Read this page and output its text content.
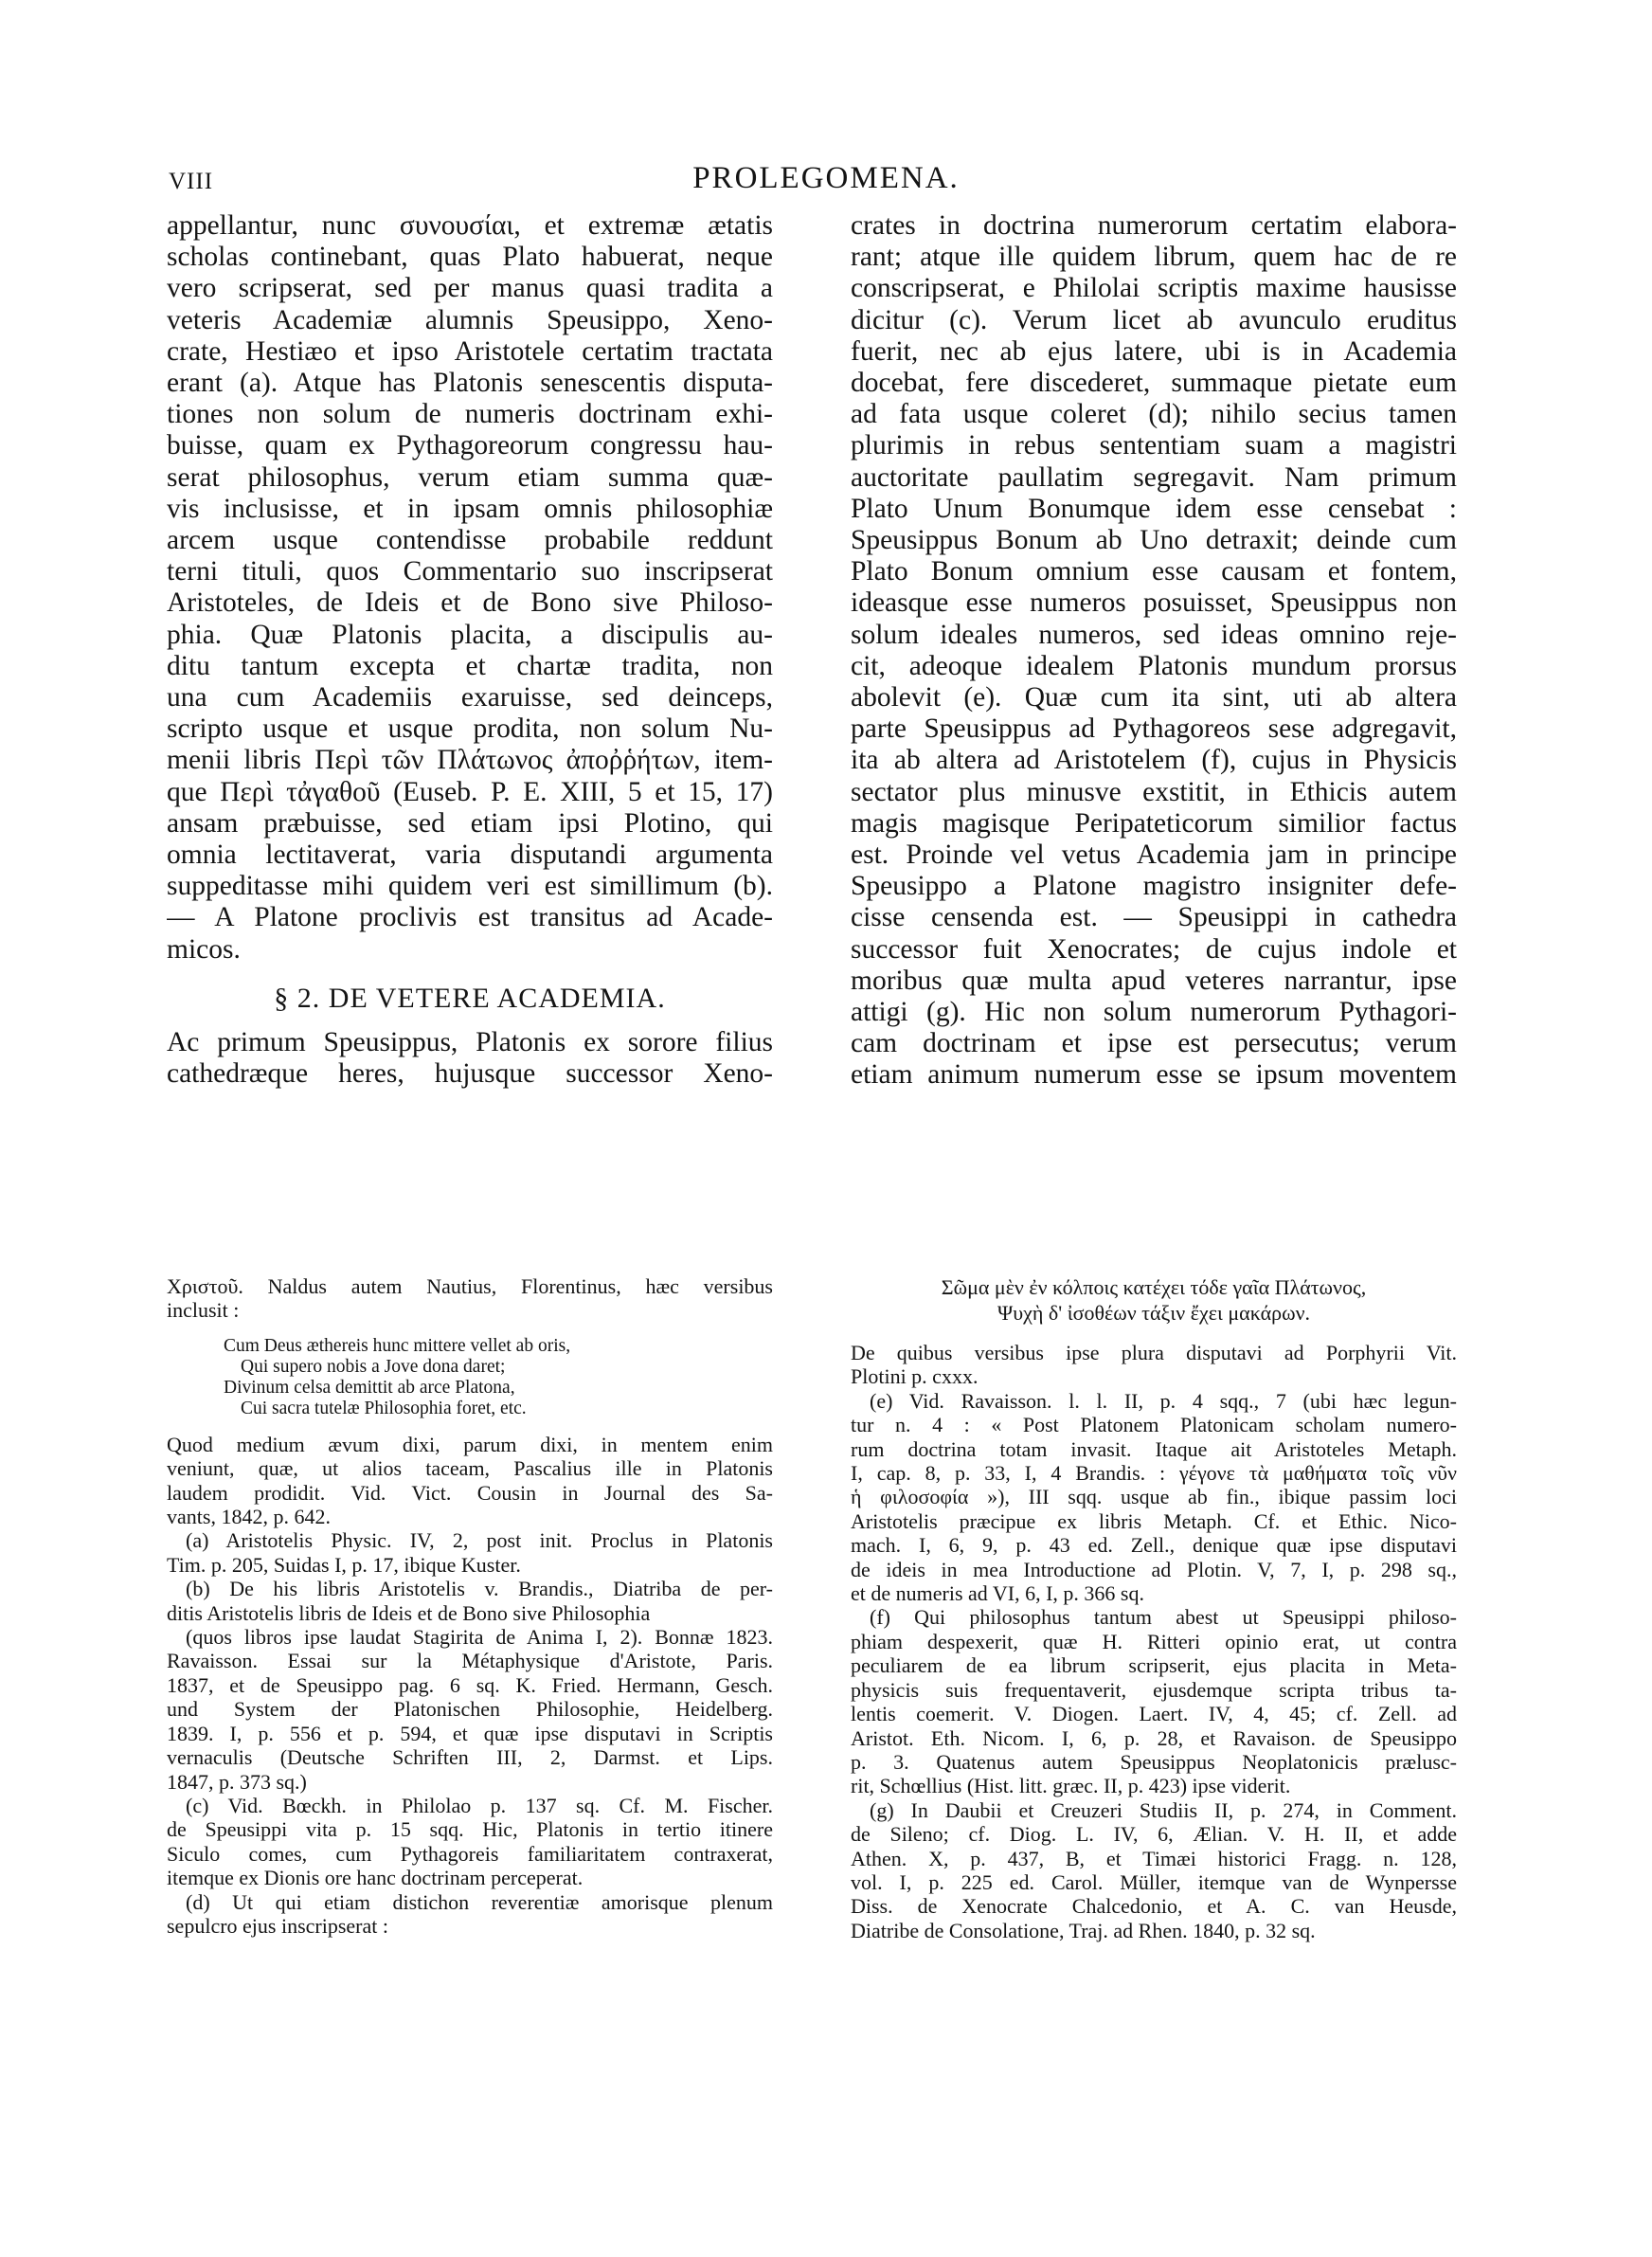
VIII	PROLEGOMENA.

appellantur, nunc συνουσίαι, et extremæ ætatis

scholas continebant, quas Plato habuerat, neque

vero scripserat, sed per manus quasi tradita a

veteris Academiæ alumnis Speusippo, Xeno-

crate, Hestiæo et ipso Aristotele certatim tractata

erant (a). Atque has Platonis senescentis disputa-

tiones non solum de numeris doctrinam exhi-

buisse, quam ex Pythagoreorum congressu hau-

serat philosophus, verum etiam summa quæ-

vis inclusisse, et in ipsam omnis philosophiæ

arcem usque contendisse probabile reddunt

terni tituli, quos Commentario suo inscripserat

Aristoteles, de Ideis et de Bono sive Philoso-

phia. Quæ Platonis placita, a discipulis au-

ditu tantum excepta et chartæ tradita, non

una cum Academiis exaruisse, sed deinceps,

scripto usque et usque prodita, non solum Nu-

menii libris Περὶ τῶν Πλάτωνος ἀποῤῥήτων, item-

que Περὶ τἀγαθοῦ (Euseb. P. E. XIII, 5 et 15, 17)

ansam præbuisse, sed etiam ipsi Plotino, qui

omnia lectitaverat, varia disputandi argumenta

suppeditasse mihi quidem veri est simillimum (b).

— A Platone proclivis est transitus ad Acade-

micos.

§ 2. DE VETERE ACADEMIA.

Ac primum Speusippus, Platonis ex sorore filius

cathedræque heres, hujusque successor Xeno-

crates in doctrina numerorum certatim elabora-

rant; atque ille quidem librum, quem hac de re

conscripserat, e Philolai scriptis maxime hausisse

dicitur (c). Verum licet ab avunculo eruditus

fuerit, nec ab ejus latere, ubi is in Academia

docebat, fere discederet, summaque pietate eum

ad fata usque coleret (d); nihilo secius tamen

plurimis in rebus sententiam suam a magistri

auctoritate paullatim segregavit. Nam primum

Plato Unum Bonumque idem esse censebat :

Speusippus Bonum ab Uno detraxit; deinde cum

Plato Bonum omnium esse causam et fontem,

ideasque esse numeros posuisset, Speusippus non

solum ideales numeros, sed ideas omnino reje-

cit, adeoque idealem Platonis mundum prorsus

abolevit (e). Quæ cum ita sint, uti ab altera

parte Speusippus ad Pythagoreos sese adgregavit,

ita ab altera ad Aristotelem (f), cujus in Physicis

sectator plus minusve exstitit, in Ethicis autem

magis magisque Peripateticorum similior factus

est. Proinde vel vetus Academia jam in principe

Speusippo a Platone magistro insigniter defe-

cisse censenda est. — Speusippi in cathedra

successor fuit Xenocrates; de cujus indole et

moribus quæ multa apud veteres narrantur, ipse

attigi (g). Hic non solum numerorum Pythagori-

cam doctrinam et ipse est persecutus; verum

etiam animum numerum esse se ipsum moventem

Χριστοῦ. Naldus autem Nautius, Florentinus, hæc versibus

inclusit :

Cum Deus æthereis hunc mittere vellet ab oris,
Qui supero nobis a Jove dona daret;
Divinum celsa demittit ab arce Platona,
Cui sacra tutelæ Philosophia foret, etc.

Quod medium ævum dixi, parum dixi, in mentem enim

veniunt, quæ, ut alios taceam, Pascalius ille in Platonis

laudem prodidit. Vid. Vict. Cousin in Journal des Sa-

vants, 1842, p. 642.

(a) Aristotelis Physic. IV, 2, post init. Proclus in Platonis

Tim. p. 205, Suidas I, p. 17, ibique Kuster.

(b) De his libris Aristotelis v. Brandis., Diatriba de per-

ditis Aristotelis libris de Ideis et de Bono sive Philosophia

(quos libros ipse laudat Stagirita de Anima I, 2). Bonnæ 1823.

Ravaisson. Essai sur la Métaphysique d'Aristote, Paris.

1837, et de Speusippo pag. 6 sq. K. Fried. Hermann, Gesch.

und System der Platonischen Philosophie, Heidelberg.

1839. I, p. 556 et p. 594, et quæ ipse disputavi in Scriptis

vernaculis (Deutsche Schriften III, 2, Darmst. et Lips.

1847, p. 373 sq.)

(c) Vid. Bœckh. in Philolao p. 137 sq. Cf. M. Fischer.

de Speusippi vita p. 15 sqq. Hic, Platonis in tertio itinere

Siculo comes, cum Pythagoreis familiaritatem contraxerat,

itemque ex Dionis ore hanc doctrinam perceperat.

(d) Ut qui etiam distichon reverentiæ amorisque plenum

sepulcro ejus inscripserat :

Σῶμα μὲν ἐν κόλποις κατέχει τόδε γαῖα Πλάτωνος,
Ψυχὴ δ' ἰσοθέων τάξιν ἔχει μακάρων.

De quibus versibus ipse plura disputavi ad Porphyrii Vit.

Plotini p. cxxx.

(e) Vid. Ravaisson. l. l. II, p. 4 sqq., 7 (ubi hæc legun-

tur n. 4 : « Post Platonem Platonicam scholam numero-

rum doctrina totam invasit. Itaque ait Aristoteles Metaph.

I, cap. 8, p. 33, I, 4 Brandis. : γέγονε τὰ μαθήματα τοῖς νῦν

ἡ φιλοσοφία »), III sqq. usque ab fin., ibique passim loci

Aristotelis præcipue ex libris Metaph. Cf. et Ethic. Nico-

mach. I, 6, 9, p. 43 ed. Zell., denique quæ ipse disputavi

de ideis in mea Introductione ad Plotin. V, 7, I, p. 298 sq.,

et de numeris ad VI, 6, I, p. 366 sq.

(f) Qui philosophus tantum abest ut Speusippi philoso-

phiam despexerit, quæ H. Ritteri opinio erat, ut contra

peculiarem de ea librum scripserit, ejus placita in Meta-

physicis suis frequentaverit, ejusdemque scripta tribus ta-

lentis coemerit. V. Diogen. Laert. IV, 4, 45; cf. Zell. ad

Aristot. Eth. Nicom. I, 6, p. 28, et Ravaison. de Speusippo

p. 3. Quatenus autem Speusippus Neoplatonicis prælusc-

rit, Schœllius (Hist. litt. græc. II, p. 423) ipse viderit.

(g) In Daubii et Creuzeri Studiis II, p. 274, in Comment.

de Sileno; cf. Diog. L. IV, 6, Ælian. V. H. II, et adde

Athen. X, p. 437, B, et Timæi historici Fragg. n. 128,

vol. I, p. 225 ed. Carol. Müller, itemque van de Wynpersse

Diss. de Xenocrate Chalcedonio, et A. C. van Heusde,

Diatribe de Consolatione, Traj. ad Rhen. 1840, p. 32 sq.
